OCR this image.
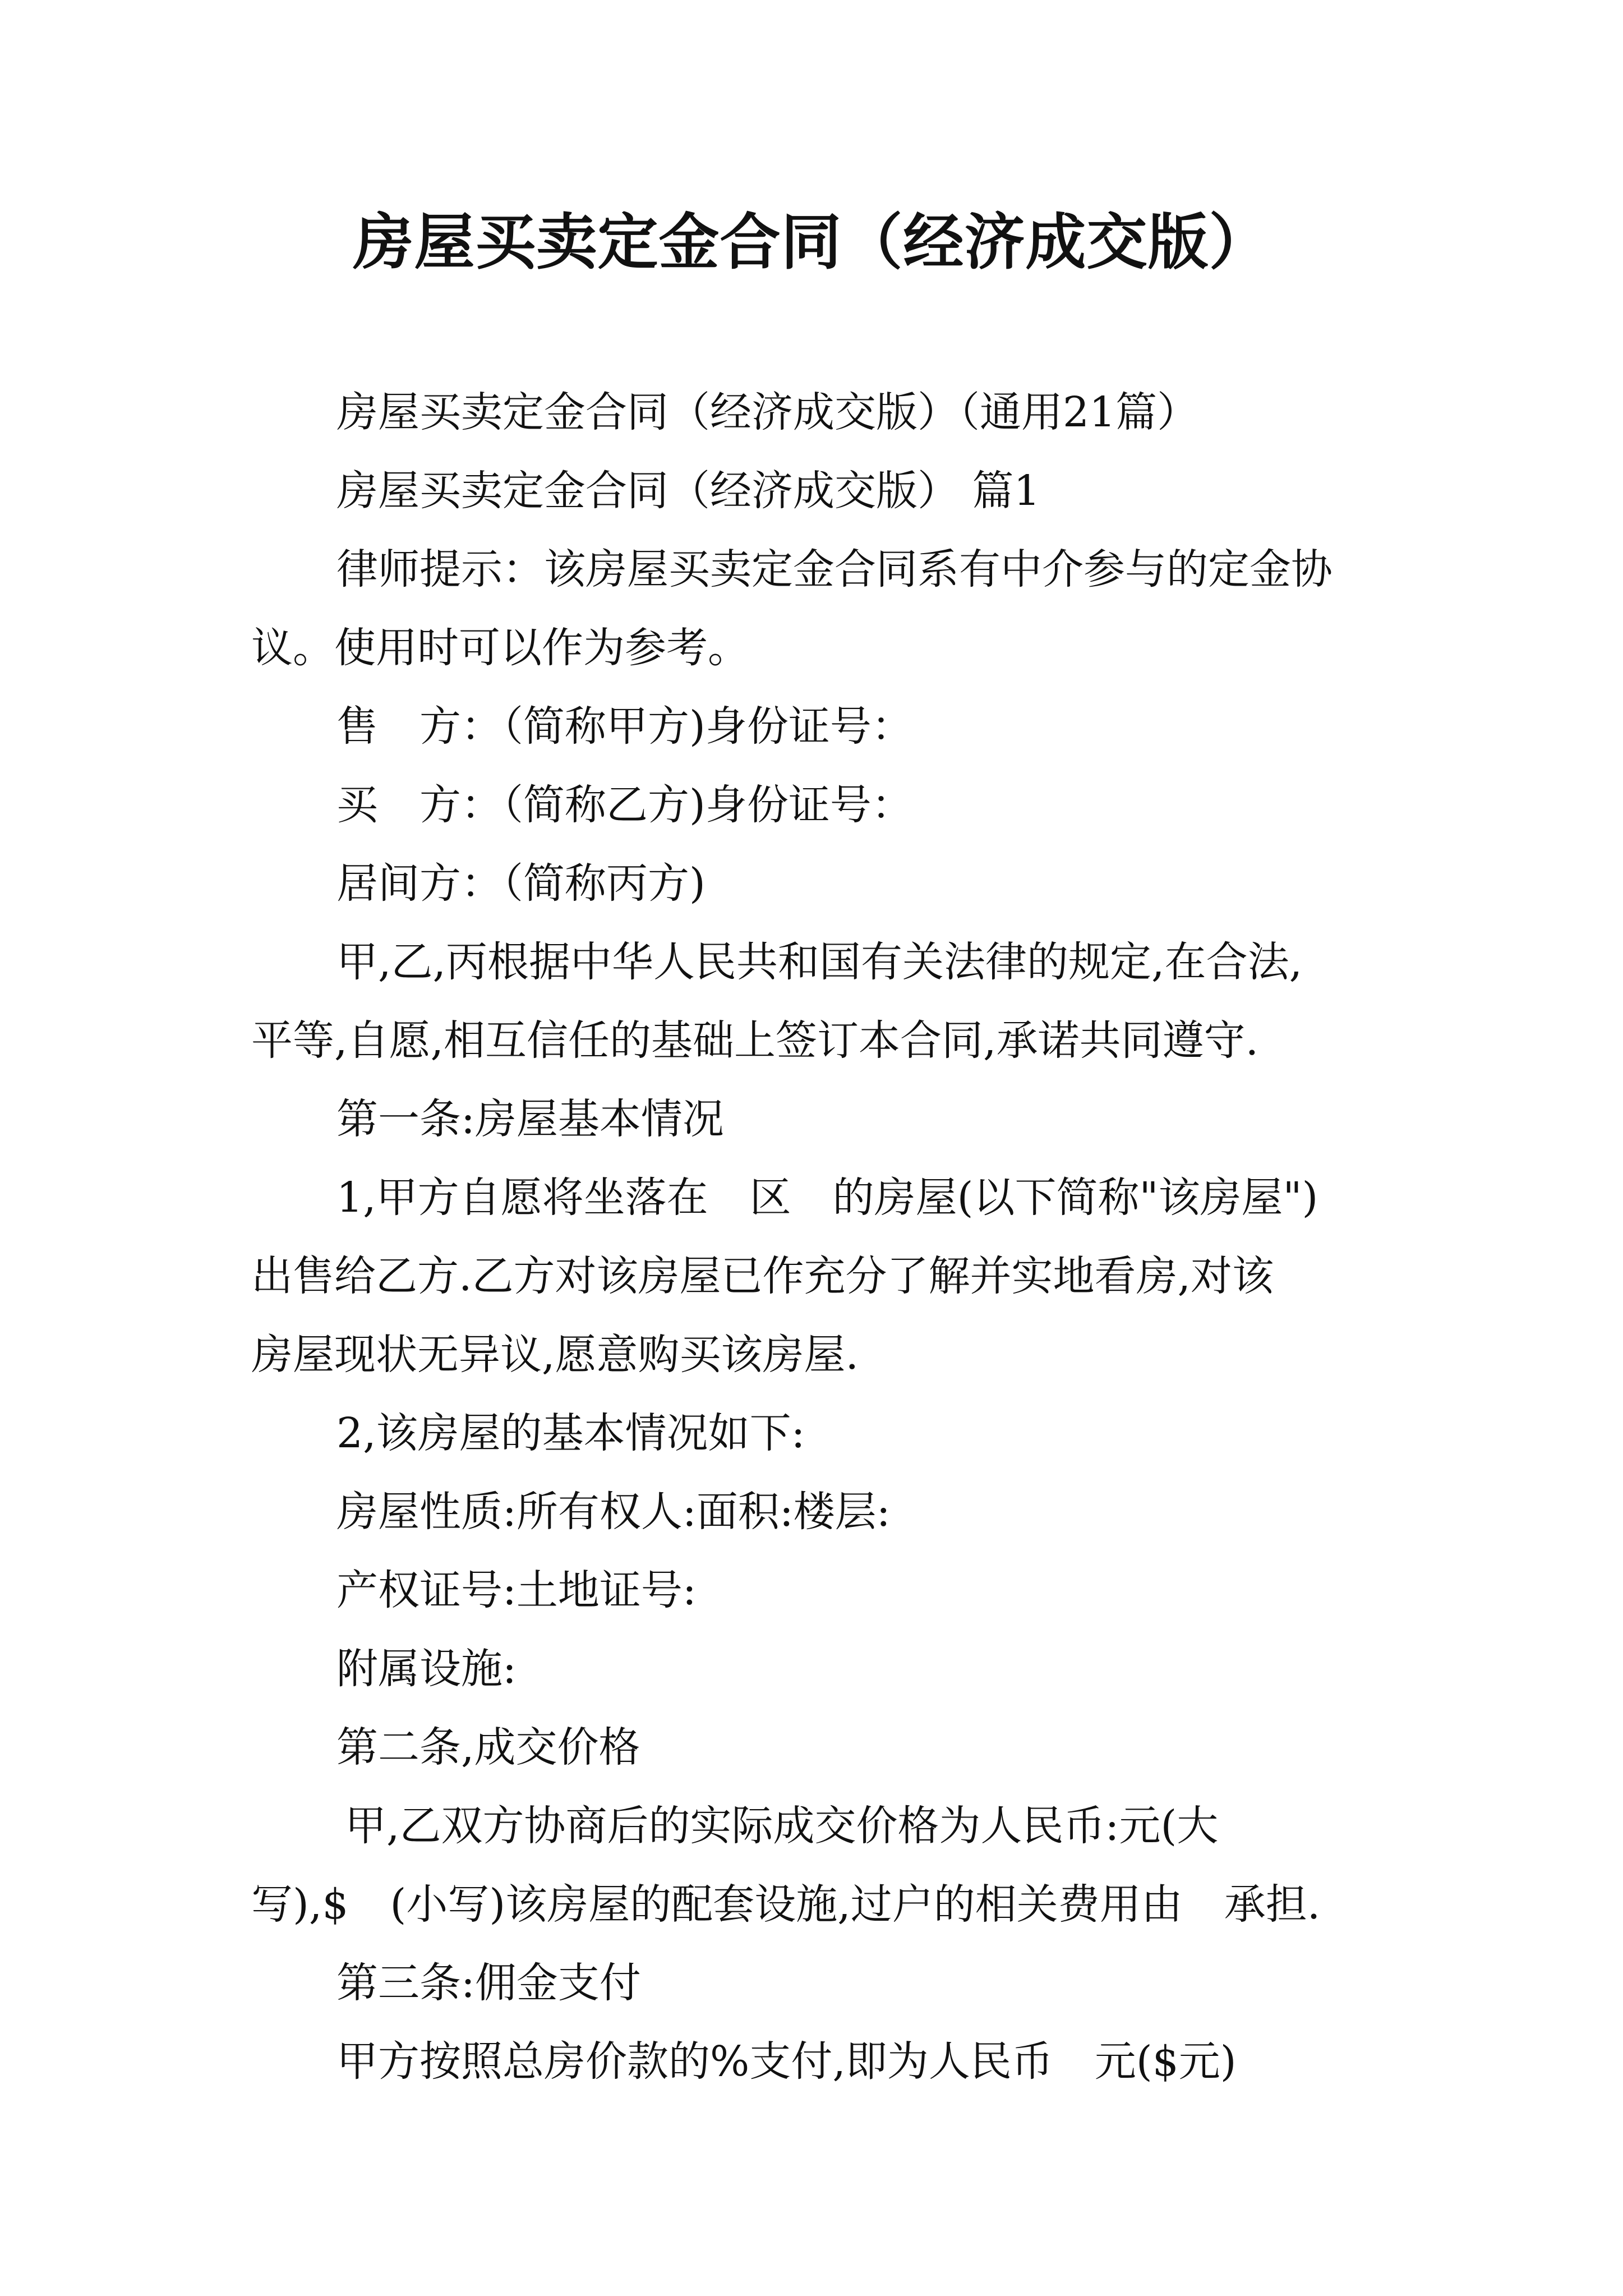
房屋买卖定金合同（经济成交版）

房屋买卖定金合同（经济成交版）（通用21篇）

房屋买卖定金合同（经济成交版） 篇1

律师提示：该房屋买卖定金合同系有中介参与的定金协

议。使用时可以作为参考。

售　方：（简称甲方)身份证号：

买　方：（简称乙方)身份证号：

居间方：（简称丙方)

甲,乙,丙根据中华人民共和国有关法律的规定,在合法,

平等,自愿,相互信任的基础上签订本合同,承诺共同遵守.

第一条:房屋基本情况

1,甲方自愿将坐落在　区　的房屋(以下简称"该房屋")

出售给乙方.乙方对该房屋已作充分了解并实地看房,对该

房屋现状无异议,愿意购买该房屋.

2,该房屋的基本情况如下:

房屋性质:所有权人:面积:楼层:

产权证号:土地证号:

附属设施:

第二条,成交价格

甲,乙双方协商后的实际成交价格为人民币:元(大

写),$　(小写)该房屋的配套设施,过户的相关费用由　承担.

第三条:佣金支付

甲方按照总房价款的%支付,即为人民币　元($元)
